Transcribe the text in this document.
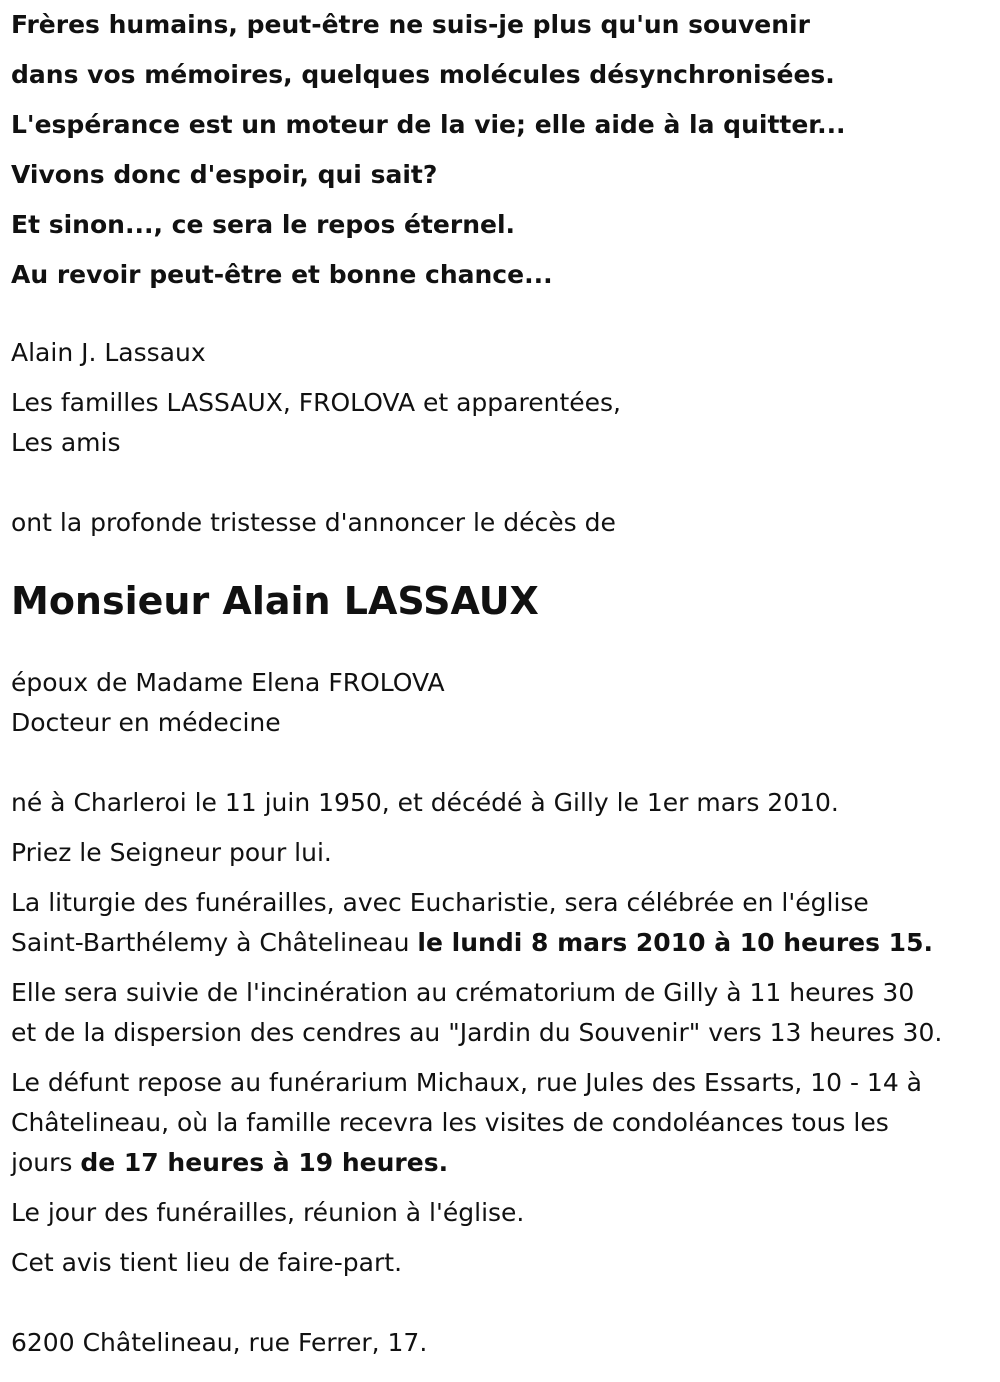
Frères humains, peut-être ne suis-je plus qu'un souvenir

dans vos mémoires, quelques molécules désynchronisées.

L'espérance est un moteur de la vie; elle aide à la quitter...

Vivons donc d'espoir, qui sait?

Et sinon..., ce sera le repos éternel.

Au revoir peut-être et bonne chance...

Alain J. Lassaux

Les familles LASSAUX, FROLOVA et apparentées,

Les amis

ont la profonde tristesse d'annoncer le décès de

Monsieur Alain LASSAUX

époux de Madame Elena FROLOVA

Docteur en médecine

né à Charleroi le 11 juin 1950, et décédé à Gilly le 1er mars 2010.

Priez le Seigneur pour lui.

La liturgie des funérailles, avec Eucharistie, sera célébrée en l'église

Saint-Barthélemy à Châtelineau le lundi 8 mars 2010 à 10 heures 15.

Elle sera suivie de l'incinération au crématorium de Gilly à 11 heures 30

et de la dispersion des cendres au "Jardin du Souvenir" vers 13 heures 30.

Le défunt repose au funérarium Michaux, rue Jules des Essarts, 10 - 14 à

Châtelineau, où la famille recevra les visites de condoléances tous les

jours de 17 heures à 19 heures.

Le jour des funérailles, réunion à l'église.

Cet avis tient lieu de faire-part.

6200 Châtelineau, rue Ferrer, 17.
